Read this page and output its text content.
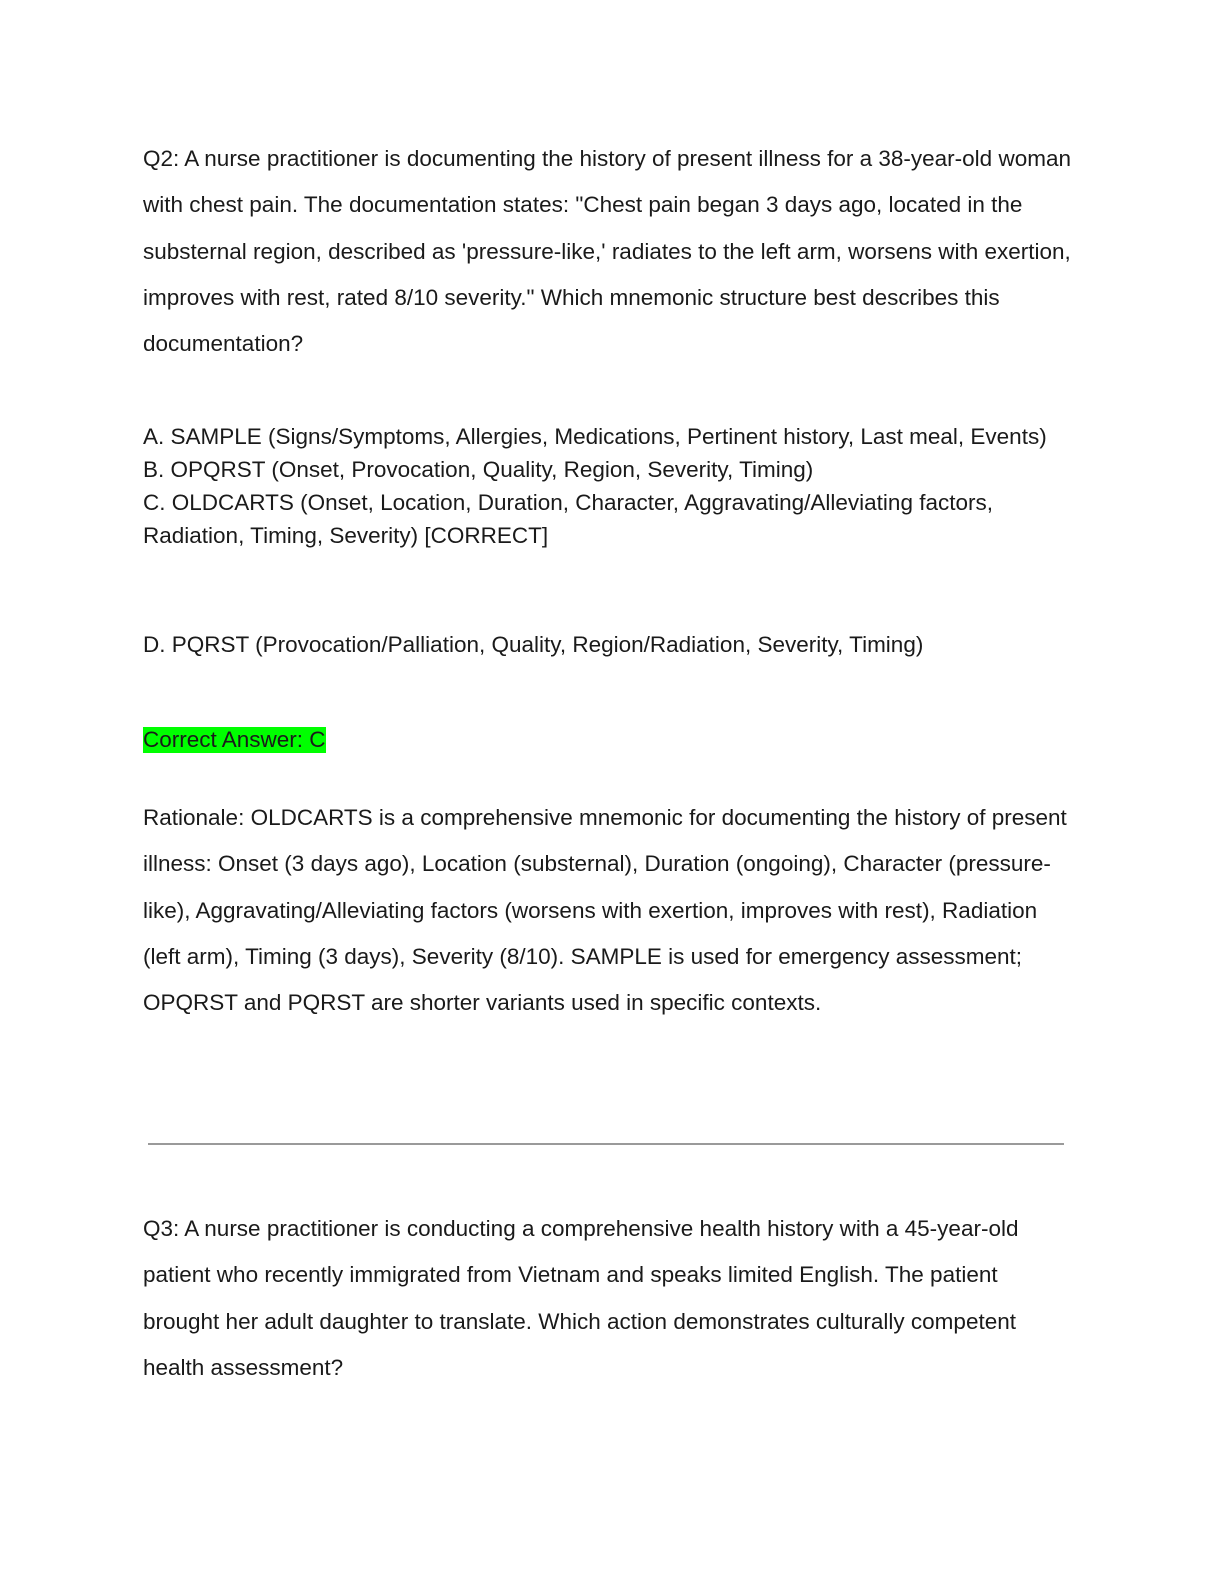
Q2: A nurse practitioner is documenting the history of present illness for a 38-year-old woman with chest pain. The documentation states: "Chest pain began 3 days ago, located in the substernal region, described as 'pressure-like,' radiates to the left arm, worsens with exertion, improves with rest, rated 8/10 severity." Which mnemonic structure best describes this documentation?

A. SAMPLE (Signs/Symptoms, Allergies, Medications, Pertinent history, Last meal, Events)

B. OPQRST (Onset, Provocation, Quality, Region, Severity, Timing)

C. OLDCARTS (Onset, Location, Duration, Character, Aggravating/Alleviating factors, Radiation, Timing, Severity) [CORRECT]

D. PQRST (Provocation/Palliation, Quality, Region/Radiation, Severity, Timing)

Correct Answer: C

Rationale: OLDCARTS is a comprehensive mnemonic for documenting the history of present illness: Onset (3 days ago), Location (substernal), Duration (ongoing), Character (pressure-like), Aggravating/Alleviating factors (worsens with exertion, improves with rest), Radiation (left arm), Timing (3 days), Severity (8/10). SAMPLE is used for emergency assessment; OPQRST and PQRST are shorter variants used in specific contexts.

Q3: A nurse practitioner is conducting a comprehensive health history with a 45-year-old patient who recently immigrated from Vietnam and speaks limited English. The patient brought her adult daughter to translate. Which action demonstrates culturally competent health assessment?
